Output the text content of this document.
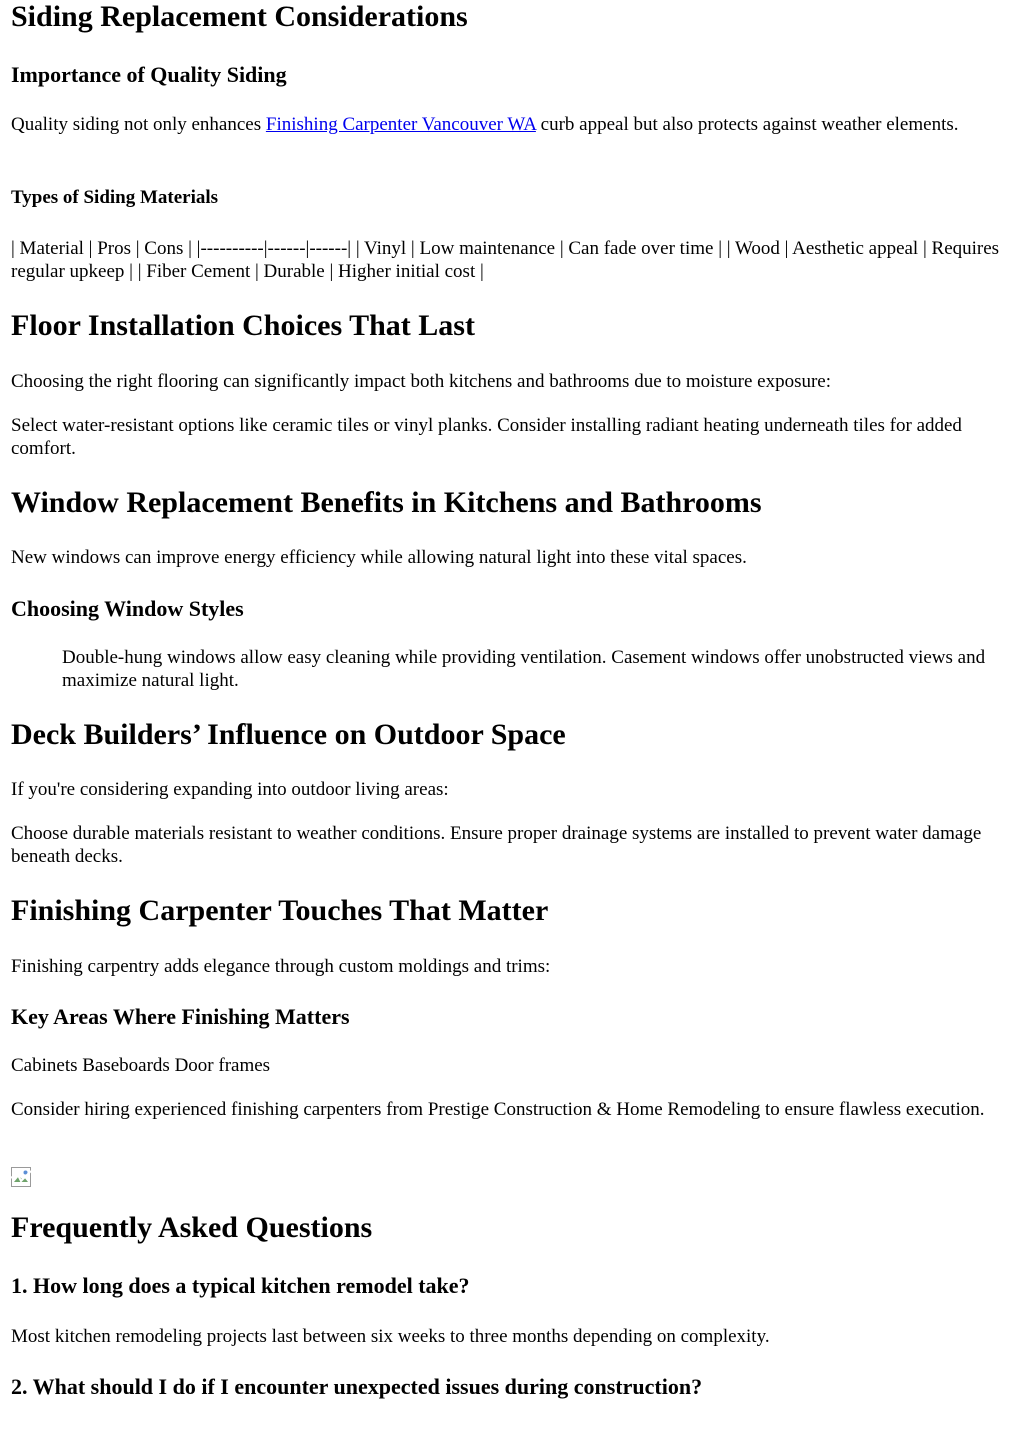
Siding Replacement Considerations
Importance of Quality Siding

Quality siding not only enhances Finishing Carpenter Vancouver WA curb appeal but also protects against weather elements.

Types of Siding Materials

| Material | Pros | Cons | |----------|------|------| | Vinyl | Low maintenance | Can fade over time | | Wood | Aesthetic appeal | Requires regular upkeep | | Fiber Cement | Durable | Higher initial cost |

Floor Installation Choices That Last

Choosing the right flooring can significantly impact both kitchens and bathrooms due to moisture exposure:

Select water-resistant options like ceramic tiles or vinyl planks. Consider installing radiant heating underneath tiles for added comfort.

Window Replacement Benefits in Kitchens and Bathrooms

New windows can improve energy efficiency while allowing natural light into these vital spaces.

Choosing Window Styles

Double-hung windows allow easy cleaning while providing ventilation. Casement windows offer unobstructed views and maximize natural light.

Deck Builders’ Influence on Outdoor Space

If you're considering expanding into outdoor living areas:

Choose durable materials resistant to weather conditions. Ensure proper drainage systems are installed to prevent water damage beneath decks.

Finishing Carpenter Touches That Matter

Finishing carpentry adds elegance through custom moldings and trims:

Key Areas Where Finishing Matters

Cabinets Baseboards Door frames

Consider hiring experienced finishing carpenters from Prestige Construction & Home Remodeling to ensure flawless execution.

Frequently Asked Questions
1. How long does a typical kitchen remodel take?

Most kitchen remodeling projects last between six weeks to three months depending on complexity.

2. What should I do if I encounter unexpected issues during construction?
